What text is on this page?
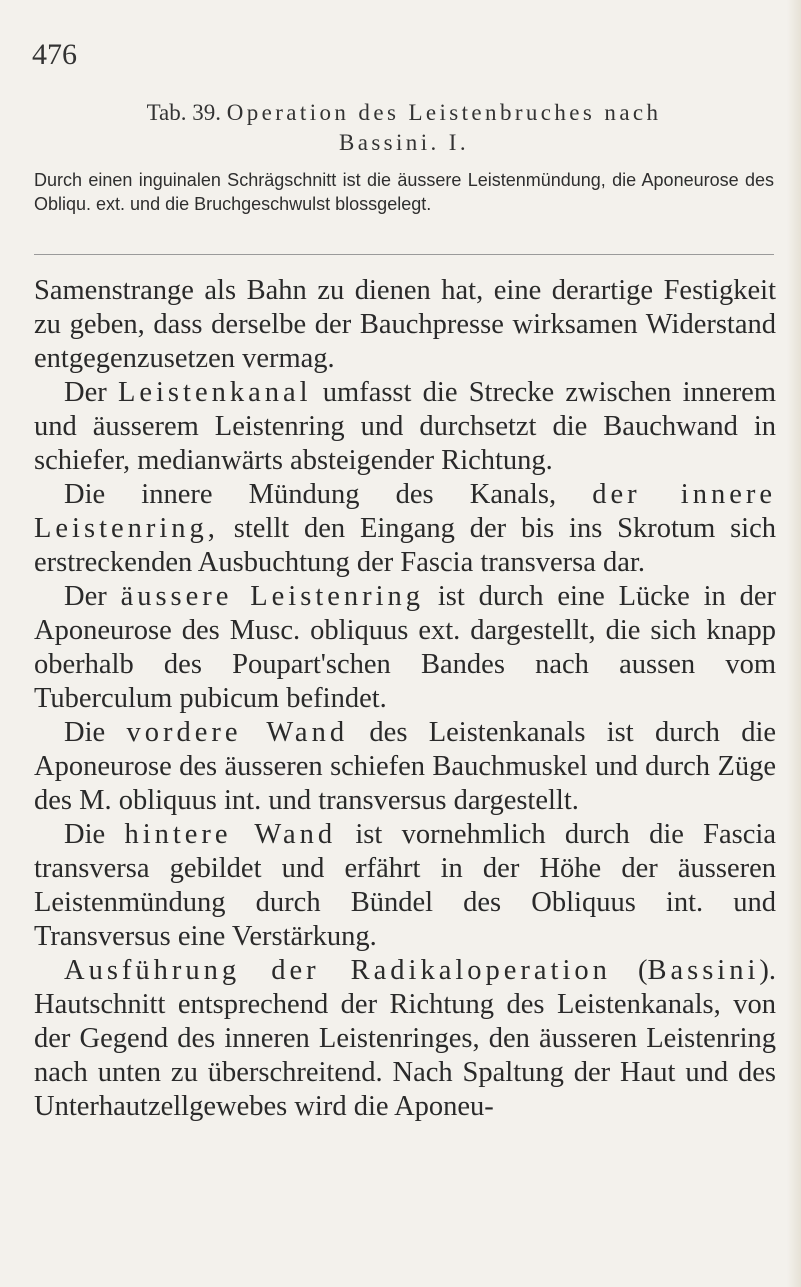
476
Tab. 39. Operation des Leistenbruches nach
Bassini. I.
Durch einen inguinalen Schrägschnitt ist die äussere Leistenmündung, die Aponeurose des Obliqu. ext. und die Bruchgeschwulst blossgelegt.

Samenstrange als Bahn zu dienen hat, eine derartige Festigkeit zu geben, dass derselbe der Bauchpresse wirksamen Widerstand entgegenzusetzen vermag.

Der Leistenkanal umfasst die Strecke zwischen innerem und äusserem Leistenring und durchsetzt die Bauchwand in schiefer, medianwärts absteigender Richtung.

Die innere Mündung des Kanals, der innere Leistenring, stellt den Eingang der bis ins Skrotum sich erstreckenden Ausbuchtung der Fascia transversa dar.

Der äussere Leistenring ist durch eine Lücke in der Aponeurose des Musc. obliquus ext. dargestellt, die sich knapp oberhalb des Poupart'schen Bandes nach aussen vom Tuberculum pubicum befindet.

Die vordere Wand des Leistenkanals ist durch die Aponeurose des äusseren schiefen Bauchmuskel und durch Züge des M. obliquus int. und transversus dargestellt.

Die hintere Wand ist vornehmlich durch die Fascia transversa gebildet und erfährt in der Höhe der äusseren Leistenmündung durch Bündel des Obliquus int. und Transversus eine Verstärkung.

Ausführung der Radikaloperation (Bassini). Hautschnitt entsprechend der Richtung des Leistenkanals, von der Gegend des inneren Leistenringes, den äusseren Leistenring nach unten zu überschreitend. Nach Spaltung der Haut und des Unterhautzellgewebes wird die Aponeu-
